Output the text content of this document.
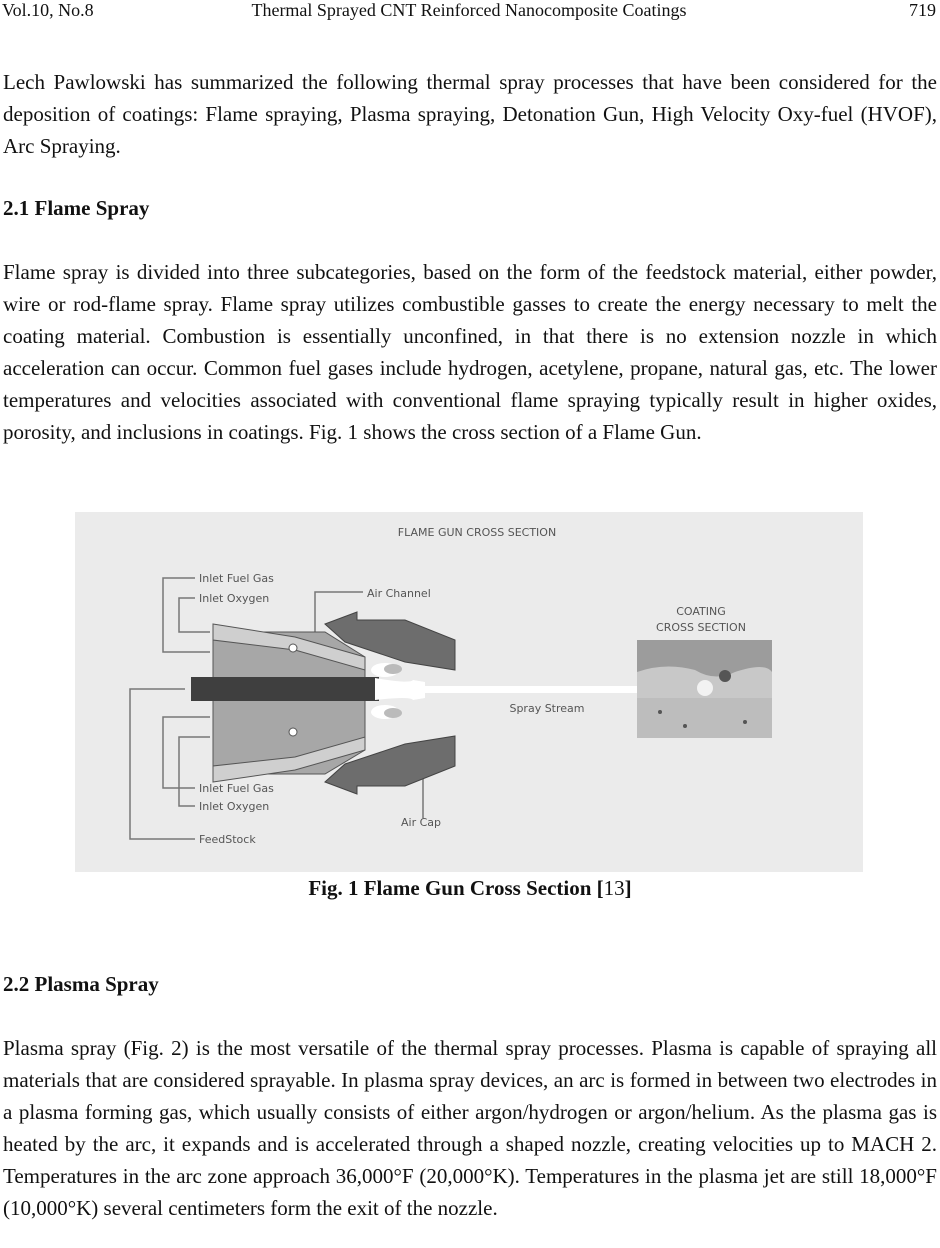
Vol.10, No.8	Thermal Sprayed CNT Reinforced Nanocomposite Coatings	719

Lech Pawlowski has summarized the following thermal spray processes that have been considered for the deposition of coatings: Flame spraying, Plasma spraying, Detonation Gun, High Velocity Oxy-fuel (HVOF), Arc Spraying.

2.1 Flame Spray

Flame spray is divided into three subcategories, based on the form of the feedstock material, either powder, wire or rod-flame spray. Flame spray utilizes combustible gasses to create the energy necessary to melt the coating material. Combustion is essentially unconfined, in that there is no extension nozzle in which acceleration can occur. Common fuel gases include hydrogen, acetylene, propane, natural gas, etc. The lower temperatures and velocities associated with conventional flame spraying typically result in higher oxides, porosity, and inclusions in coatings. Fig. 1 shows the cross section of a Flame Gun.

FLAME GUN CROSS SECTION
Inlet Fuel Gas
Inlet Oxygen	Air Channel
COATING
CROSS SECTION
Spray Stream
Inlet Fuel Gas
Inlet Oxygen
Air Cap
FeedStock
Fig. 1 Flame Gun Cross Section [13]
2.2 Plasma Spray

Plasma spray (Fig. 2) is the most versatile of the thermal spray processes. Plasma is capable of spraying all materials that are considered sprayable. In plasma spray devices, an arc is formed in between two electrodes in a plasma forming gas, which usually consists of either argon/hydrogen or argon/helium. As the plasma gas is heated by the arc, it expands and is accelerated through a shaped nozzle, creating velocities up to MACH 2. Temperatures in the arc zone approach 36,000°F (20,000°K). Temperatures in the plasma jet are still 18,000°F (10,000°K) several centimeters form the exit of the nozzle.
